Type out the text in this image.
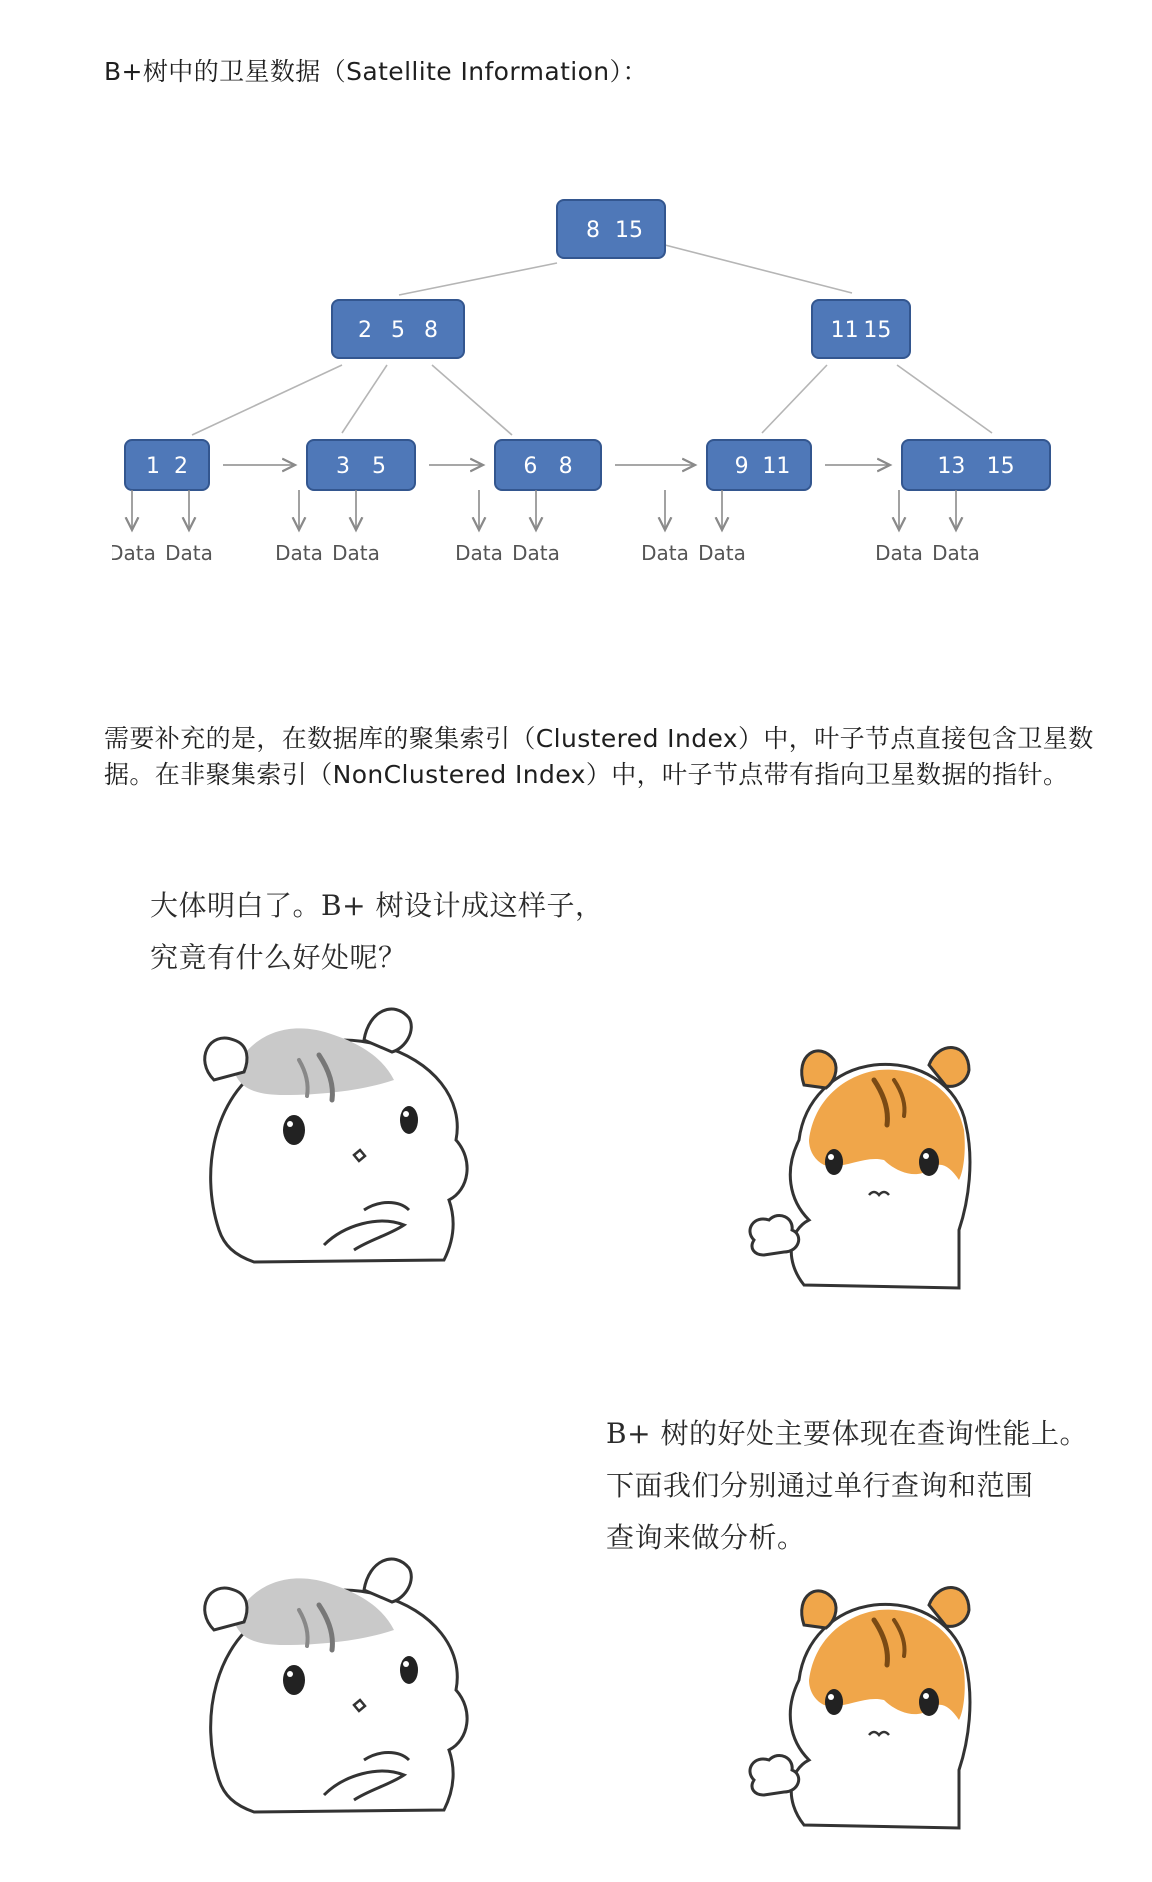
B+树中的卫星数据（Satellite Information）：
8 15
2 5 8	11 15
1 2	3 5	6 8	9 11	13 15
Data Data	Data Data	Data Data	Data Data	Data Data
需要补充的是，在数据库的聚集索引（Clustered Index）中，叶子节点直接包含卫星数据。在非聚集索引（NonClustered Index）中，叶子节点带有指向卫星数据的指针。
大体明白了。B+ 树设计成这样子，
究竟有什么好处呢？
B+ 树的好处主要体现在查询性能上。
下面我们分别通过单行查询和范围
查询来做分析。
